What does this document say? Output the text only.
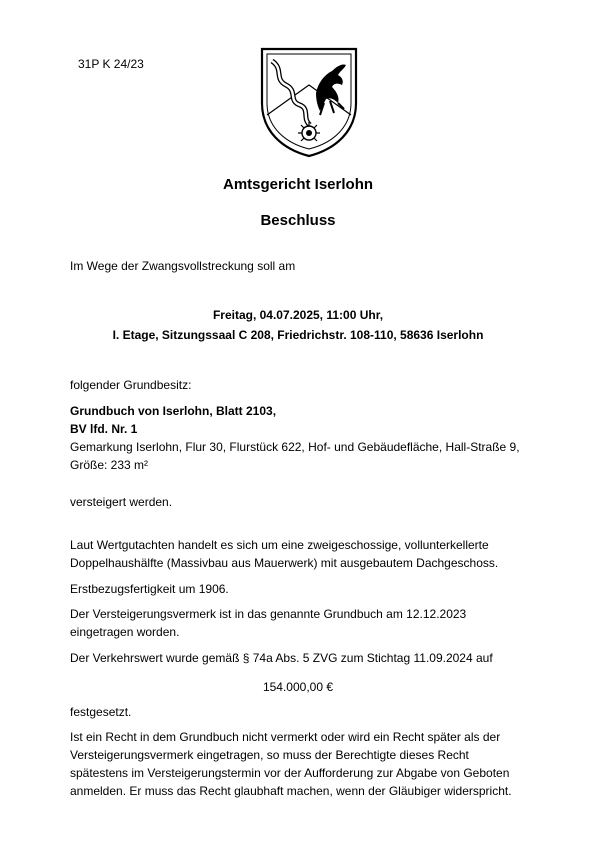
31P K 24/23
Amtsgericht Iserlohn
Beschluss
Im Wege der Zwangsvollstreckung soll am
Freitag, 04.07.2025, 11:00 Uhr,
I. Etage, Sitzungssaal C 208, Friedrichstr. 108-110, 58636 Iserlohn
folgender Grundbesitz:
Grundbuch von Iserlohn, Blatt 2103,
BV lfd. Nr. 1
Gemarkung Iserlohn, Flur 30, Flurstück 622, Hof- und Gebäudefläche, Hall-Straße 9,
Größe: 233 m²
versteigert werden.
Laut Wertgutachten handelt es sich um eine zweigeschossige, vollunterkellerte
Doppelhaushälfte (Massivbau aus Mauerwerk) mit ausgebautem Dachgeschoss.
Erstbezugsfertigkeit um 1906.
Der Versteigerungsvermerk ist in das genannte Grundbuch am 12.12.2023
eingetragen worden.
Der Verkehrswert wurde gemäß § 74a Abs. 5 ZVG zum Stichtag 11.09.2024 auf
154.000,00 €
festgesetzt.
Ist ein Recht in dem Grundbuch nicht vermerkt oder wird ein Recht später als der
Versteigerungsvermerk eingetragen, so muss der Berechtigte dieses Recht
spätestens im Versteigerungstermin vor der Aufforderung zur Abgabe von Geboten
anmelden. Er muss das Recht glaubhaft machen, wenn der Gläubiger widerspricht.
